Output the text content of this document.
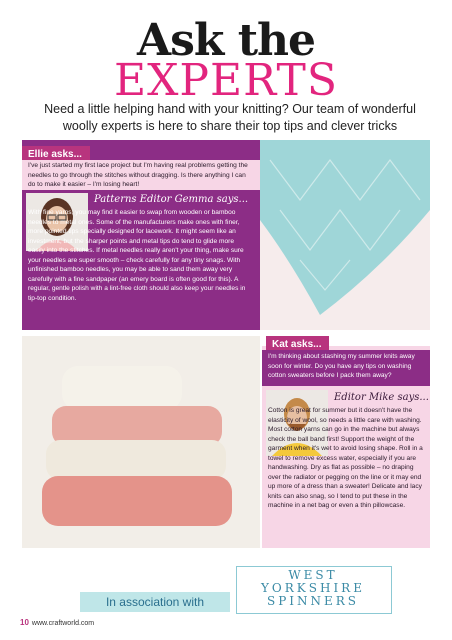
Ask the
EXPERTS
Need a little helping hand with your knitting? Our team of wonderful woolly experts is here to share their top tips and clever tricks
Ellie asks...
I've just started my first lace project but I'm having real problems getting the needles to go through the stitches without dragging. Is there anything I can do to make it easier – I'm losing heart!
Patterns Editor Gemma says...
With fine yarns, you may find it easier to swap from wooden or bamboo needles to metal ones. Some of the manufacturers make ones with finer, more pointed tips specially designed for lacework. It might seem like an investment, but the sharper points and metal tips do tend to glide more easily into the stitches. If metal needles really aren't your thing, make sure your needles are super smooth – check carefully for any tiny snags. With unfinished bamboo needles, you may be able to sand them away very carefully with a fine sandpaper (an emery board is often good for this). A regular, gentle polish with a lint-free cloth should also keep your needles in tip-top condition.
Kat asks...
I'm thinking about stashing my summer knits away soon for winter. Do you have any tips on washing cotton sweaters before I pack them away?
Editor Mike says...
Cotton is great for summer but it doesn't have the elasticity of wool, so needs a little care with washing. Most cotton yarns can go in the machine but always check the ball band first! Support the weight of the garment when it's wet to avoid losing shape. Roll in a towel to remove excess water, especially if you are handwashing. Dry as flat as possible – no draping over the radiator or pegging on the line or it may end up more of a dress than a sweater! Delicate and lacy knits can also snag, so I tend to put these in the machine in a net bag or even a thin pillowcase.
In association with
WEST
YORKSHIRE
SPINNERS
10 www.craftworld.com
